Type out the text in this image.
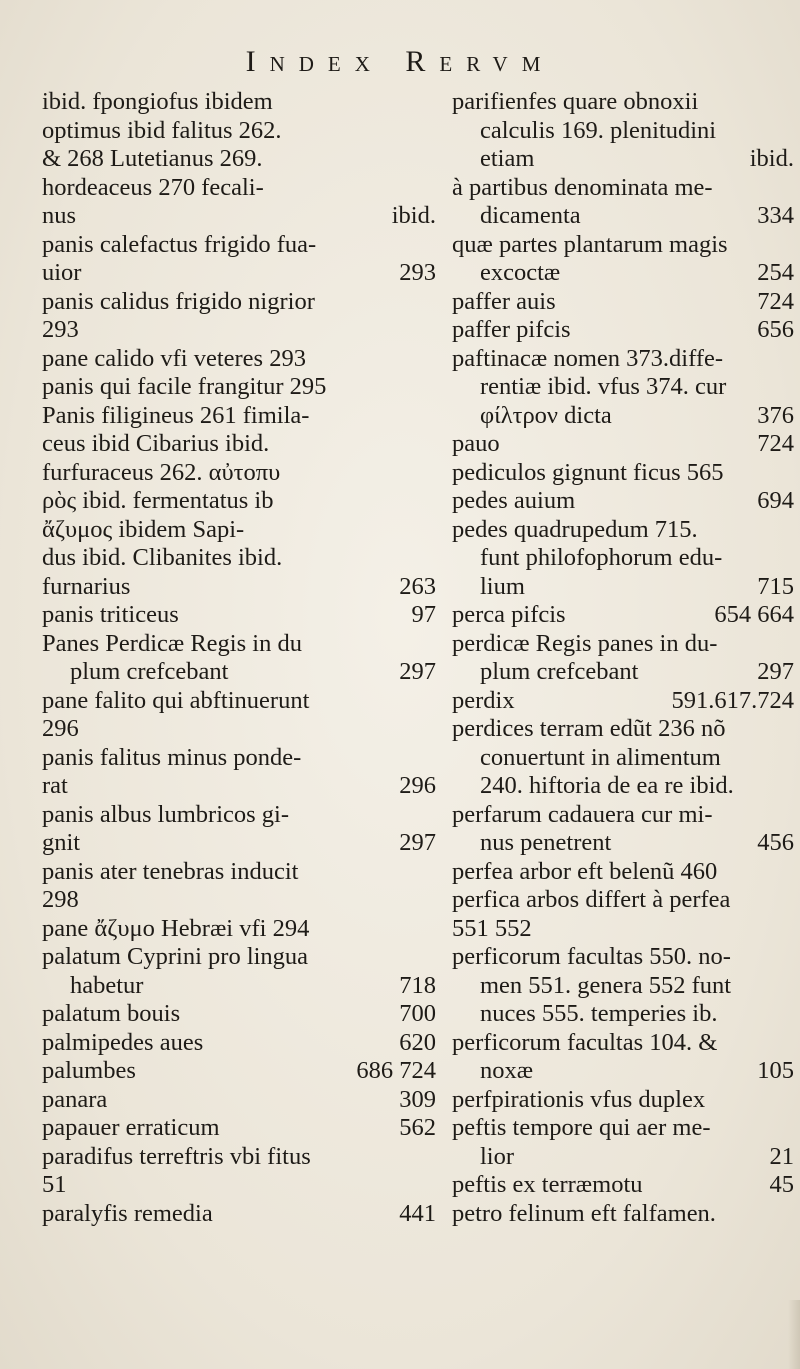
Index Rervm
ibid. fpongiofus ibidem
optimus ibid falitus 262.
& 268 Lutetianus 269.
hordeaceus 270 fecali-
nus	ibid.
panis calefactus frigido fua-
uior	293
panis calidus frigido nigrior
293
pane calido vfi veteres 293
panis qui facile frangitur 295
Panis filigineus 261 fimila-
ceus ibid Cibarius ibid.
furfuraceus 262. αὐτοπυ
ρὸς ibid. fermentatus ib
ἄζυμος ibidem Sapi-
dus ibid. Clibanites ibid.
furnarius	263
panis triticeus	97
Panes Perdicæ Regis in du
plum crefcebant	297
pane falito qui abftinuerunt
296
panis falitus minus ponde-
rat	296
panis albus lumbricos gi-
gnit	297
panis ater tenebras inducit
298
pane ἄζυμο Hebræi vfi 294
palatum Cyprini pro lingua
habetur	718
palatum bouis	700
palmipedes aues	620
palumbes	686 724
panara	309
papauer erraticum	562
paradifus terreftris vbi fitus
51
paralyfis remedia	441
parifienfes quare obnoxii
calculis 169. plenitudini
etiam	ibid.
à partibus denominata me-
dicamenta	334
quæ partes plantarum magis
excoctæ	254
paffer auis	724
paffer pifcis	656
paftinacæ nomen 373.diffe-
rentiæ ibid. vfus 374. cur
φίλτρον dicta	376
pauo	724
pediculos gignunt ficus 565
pedes auium	694
pedes quadrupedum 715.
funt philofophorum edu-
lium	715
perca pifcis	654 664
perdicæ Regis panes in du-
plum crefcebant	297
perdix	591.617.724
perdices terram edũt 236 nõ
conuertunt in alimentum
240. hiftoria de ea re ibid.
perfarum cadauera cur mi-
nus penetrent	456
perfea arbor eft belenũ 460
perfica arbos differt à perfea
551 552
perficorum facultas 550. no-
men 551. genera 552 funt
nuces 555. temperies ib.
perficorum facultas 104. &
noxæ	105
perfpirationis vfus duplex
peftis tempore qui aer me-
lior	21
peftis ex terræmotu	45
petro felinum eft falfamen.
